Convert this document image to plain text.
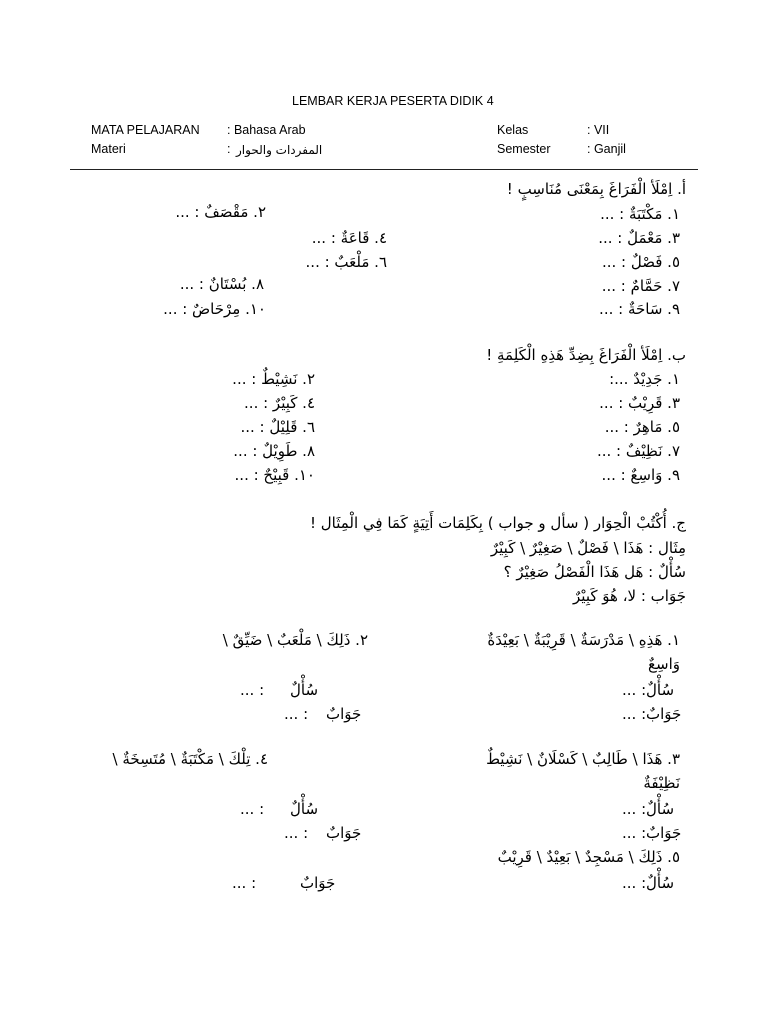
LEMBAR KERJA PESERTA DIDIK 4
MATA PELAJARAN : Bahasa Arab	Kelas	: VII
Materi	: المفردات والحوار	Semester	: Ganjil
أ. اِمْلَأ الْفَرَاغَ بِمَعْنَى مُنَاسِبٍ !
١. مَكْتَبَةٌ : ...
٢. مَقْصَفٌ : ...
٣. مَعْمَلٌ : ...
٤. قَاعَةٌ : ...
٥. فَصْلٌ : ...
٦. مَلْعَبٌ : ...
٧. حَمَّامٌ : ...
٨. بُسْتَانٌ : ...
٩. سَاحَةٌ : ...
١٠. مِرْحَاضٌ : ...
ب. اِمْلَأ الْفَرَاغَ بِضِدِّ هَذِهِ الْكَلِمَةِ !
١. جَدِيْدٌ ...:
٢. نَشِيْطٌ : ...
٣. قَرِيْبٌ : ...
٤. كَبِيْرٌ : ...
٥. مَاهِرٌ : ...
٦. قَلِيْلٌ : ...
٧. نَظِيْفٌ : ...
٨. طَوِيْلٌ : ...
٩. وَاسِعٌ : ...
١٠. قَبِيْحٌ : ...
ج. أُكْتُبْ الْحِوَار ( سأل و جواب ) بِكَلِمَات أَتِيَةٍ كَمَا فِي الْمِثَال !
مِثَال : هَذَا \ فَصْلٌ \ صَغِيْرٌ \ كَبِيْرٌ
سُأْلٌ : هَل هَذَا الْفَصْلُ صَغِيْرٌ ؟
جَوَاب : لا، هُوَ كَبِيْرٌ
١. هَذِهِ \ مَدْرَسَةٌ \ قَرِيْبَةٌ \ بَعِيْدَةٌ
٢. ذَلِكَ \ مَلْعَبٌ \ ضَيِّقٌ \
وَاسِعٌ
... : سُأْلٌ
... : جَوَابٌ
سُأْلٌ
... :
جَوَابٌ
... :
٣. هَذَا \ طَالِبٌ \ كَسْلَانٌ \ نَشِيْطٌ
٤. تِلْكَ \ مَكْتَبَةٌ \ مُتَسِخَةٌ \
نَظِيْفَةٌ
... : سُأْلٌ
... : جَوَابٌ
سُأْلٌ
... :
جَوَابٌ
... :
٥. ذَلِكَ \ مَسْجِدٌ \ بَعِيْدٌ \ قَرِيْبٌ
... : سُأْلٌ
جَوَابٌ
... :
